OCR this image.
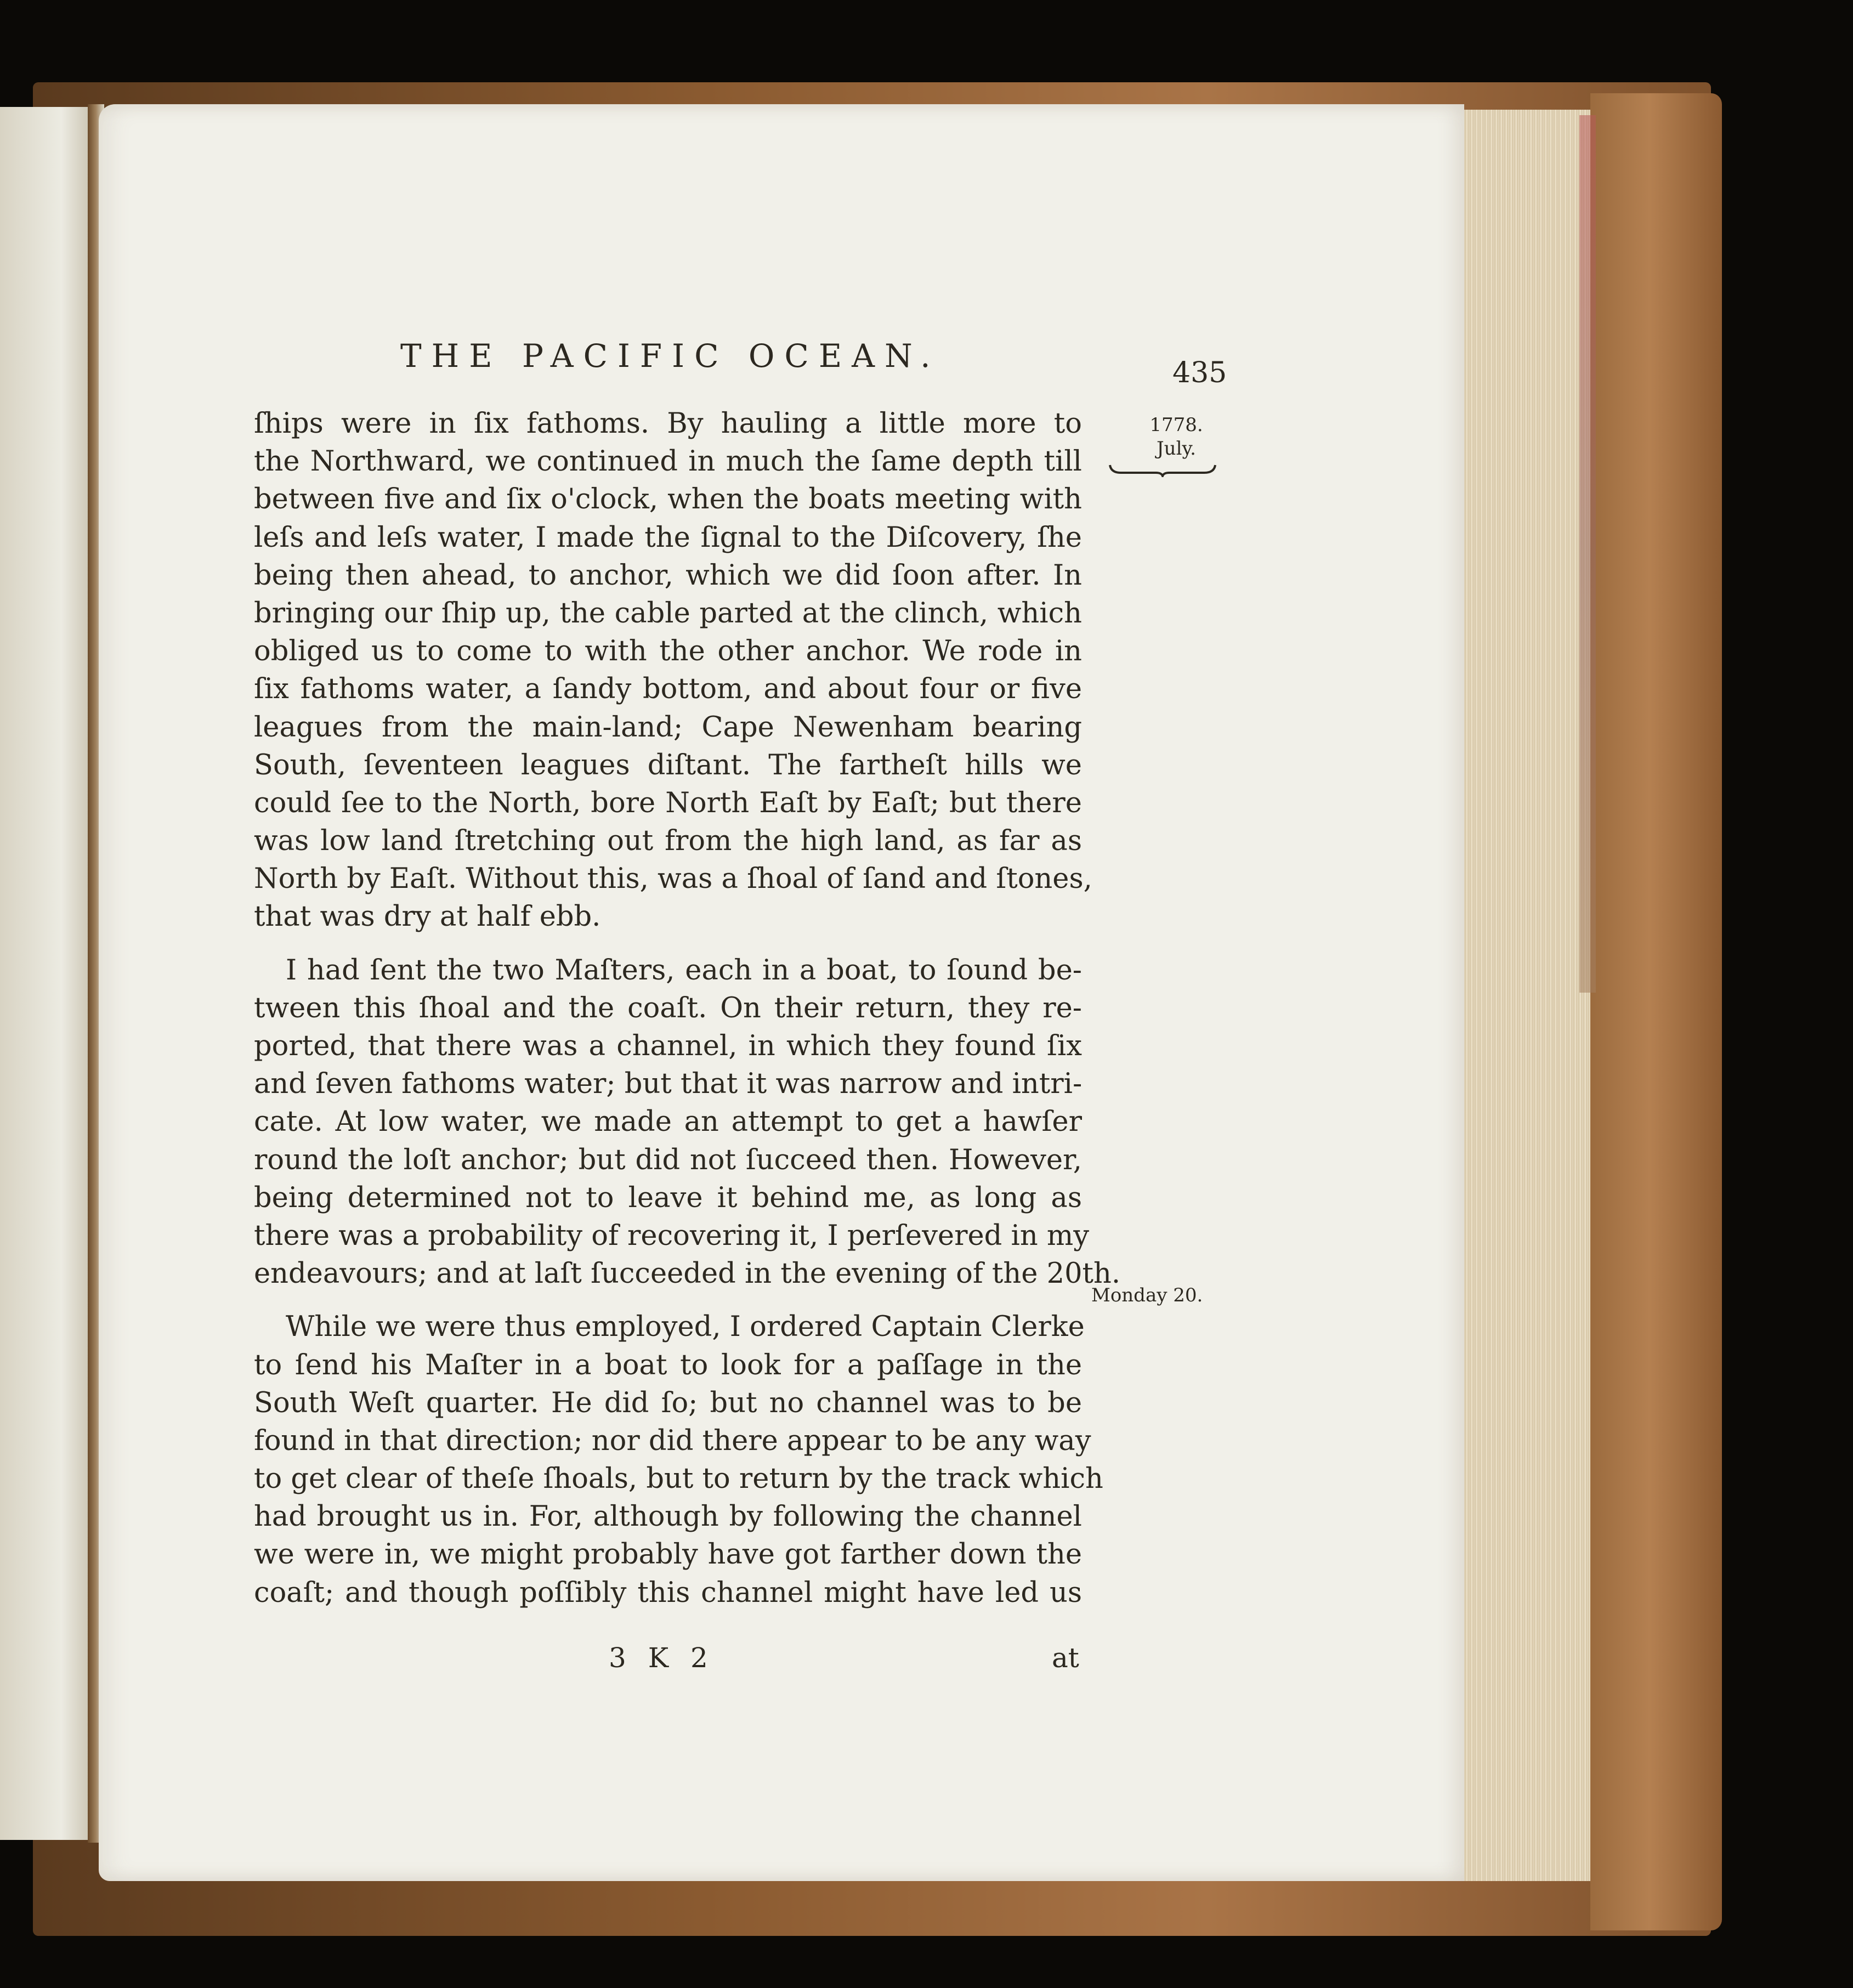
THE PACIFIC OCEAN.	435
1778.
July.
Monday 20.
ſhips were in ſix fathoms. By hauling a little more to
the Northward, we continued in much the ſame depth till
between five and ſix o'clock, when the boats meeting with
leſs and leſs water, I made the ſignal to the Diſcovery, ſhe
being then ahead, to anchor, which we did ſoon after. In
bringing our ſhip up, the cable parted at the clinch, which
obliged us to come to with the other anchor. We rode in
ſix fathoms water, a ſandy bottom, and about four or five
leagues from the main-land; Cape Newenham bearing
South, ſeventeen leagues diſtant. The fartheſt hills we
could ſee to the North, bore North Eaſt by Eaſt; but there
was low land ſtretching out from the high land, as far as
North by Eaſt. Without this, was a ſhoal of ſand and ſtones,
that was dry at half ebb.
I had ſent the two Maſters, each in a boat, to ſound be-
tween this ſhoal and the coaſt. On their return, they re-
ported, that there was a channel, in which they found ſix
and ſeven fathoms water; but that it was narrow and intri-
cate. At low water, we made an attempt to get a hawſer
round the loſt anchor; but did not ſucceed then. However,
being determined not to leave it behind me, as long as
there was a probability of recovering it, I perſevered in my
endeavours; and at laſt ſucceeded in the evening of the 20th.
While we were thus employed, I ordered Captain Clerke
to ſend his Maſter in a boat to look for a paſſage in the
South Weſt quarter. He did ſo; but no channel was to be
found in that direction; nor did there appear to be any way
to get clear of theſe ſhoals, but to return by the track which
had brought us in. For, although by following the channel
we were in, we might probably have got farther down the
coaſt; and though poſſibly this channel might have led us
3 K 2	at
